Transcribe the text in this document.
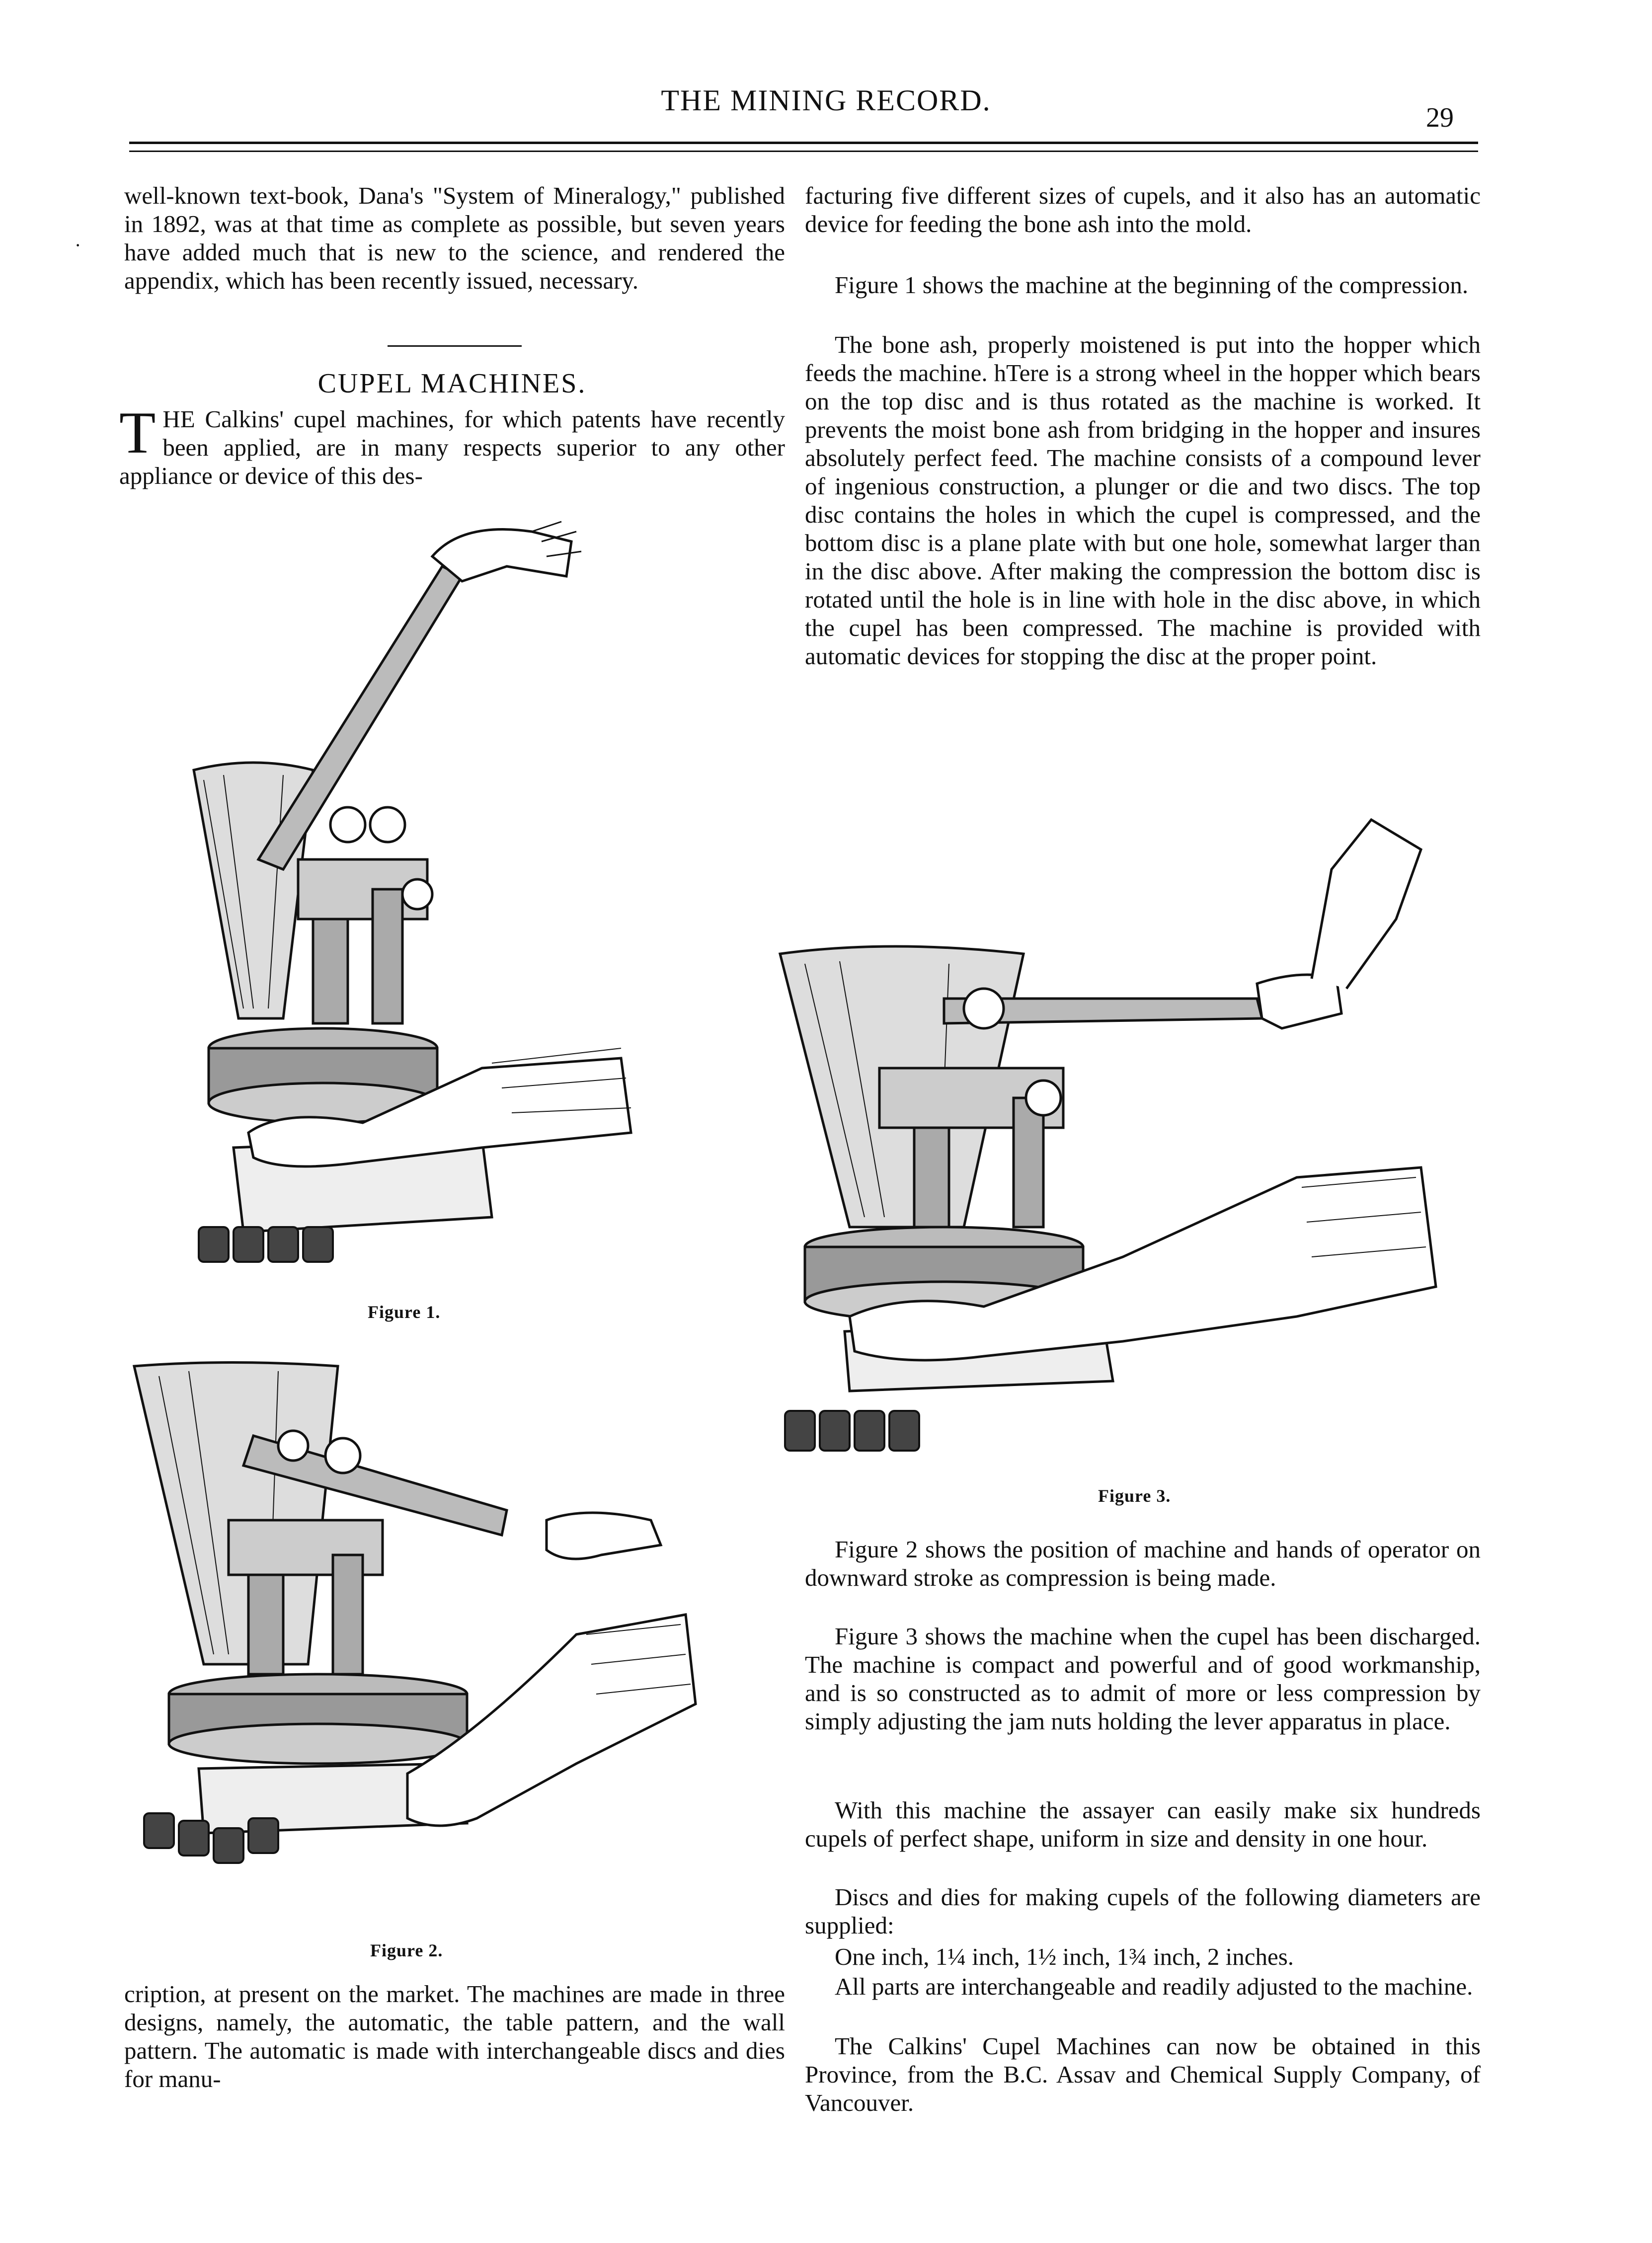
THE MINING RECORD.
29
·

well-known text-book, Dana's "System of Mineralogy," published in 1892, was at that time as complete as possible, but seven years have added much that is new to the science, and rendered the appendix, which has been recently issued, necessary.

CUPEL MACHINES.

T HE Calkins' cupel machines, for which patents have recently been applied, are in many respects superior to any other appliance or device of this des-

Figure 1.
Figure 2.

cription, at present on the market. The machines are made in three designs, namely, the automatic, the table pattern, and the wall pattern. The automatic is made with interchangeable discs and dies for manu-

facturing five different sizes of cupels, and it also has an automatic device for feeding the bone ash into the mold.

Figure 1 shows the machine at the beginning of the compression.

The bone ash, properly moistened is put into the hopper which feeds the machine. hTere is a strong wheel in the hopper which bears on the top disc and is thus rotated as the machine is worked. It prevents the moist bone ash from bridging in the hopper and insures absolutely perfect feed. The machine consists of a compound lever of ingenious construction, a plunger or die and two discs. The top disc contains the holes in which the cupel is compressed, and the bottom disc is a plane plate with but one hole, somewhat larger than in the disc above. After making the compression the bottom disc is rotated until the hole is in line with hole in the disc above, in which the cupel has been compressed. The machine is provided with automatic devices for stopping the disc at the proper point.

Figure 3.

Figure 2 shows the position of machine and hands of operator on downward stroke as compression is being made.

Figure 3 shows the machine when the cupel has been discharged. The machine is compact and powerful and of good workmanship, and is so constructed as to admit of more or less compression by simply adjusting the jam nuts holding the lever apparatus in place.

With this machine the assayer can easily make six hundreds cupels of perfect shape, uniform in size and density in one hour.

Discs and dies for making cupels of the following diameters are supplied:

One inch, 1¼ inch, 1½ inch, 1¾ inch, 2 inches.

All parts are interchangeable and readily adjusted to the machine.

The Calkins' Cupel Machines can now be obtained in this Province, from the B.C. Assav and Chemical Supply Company, of Vancouver.
